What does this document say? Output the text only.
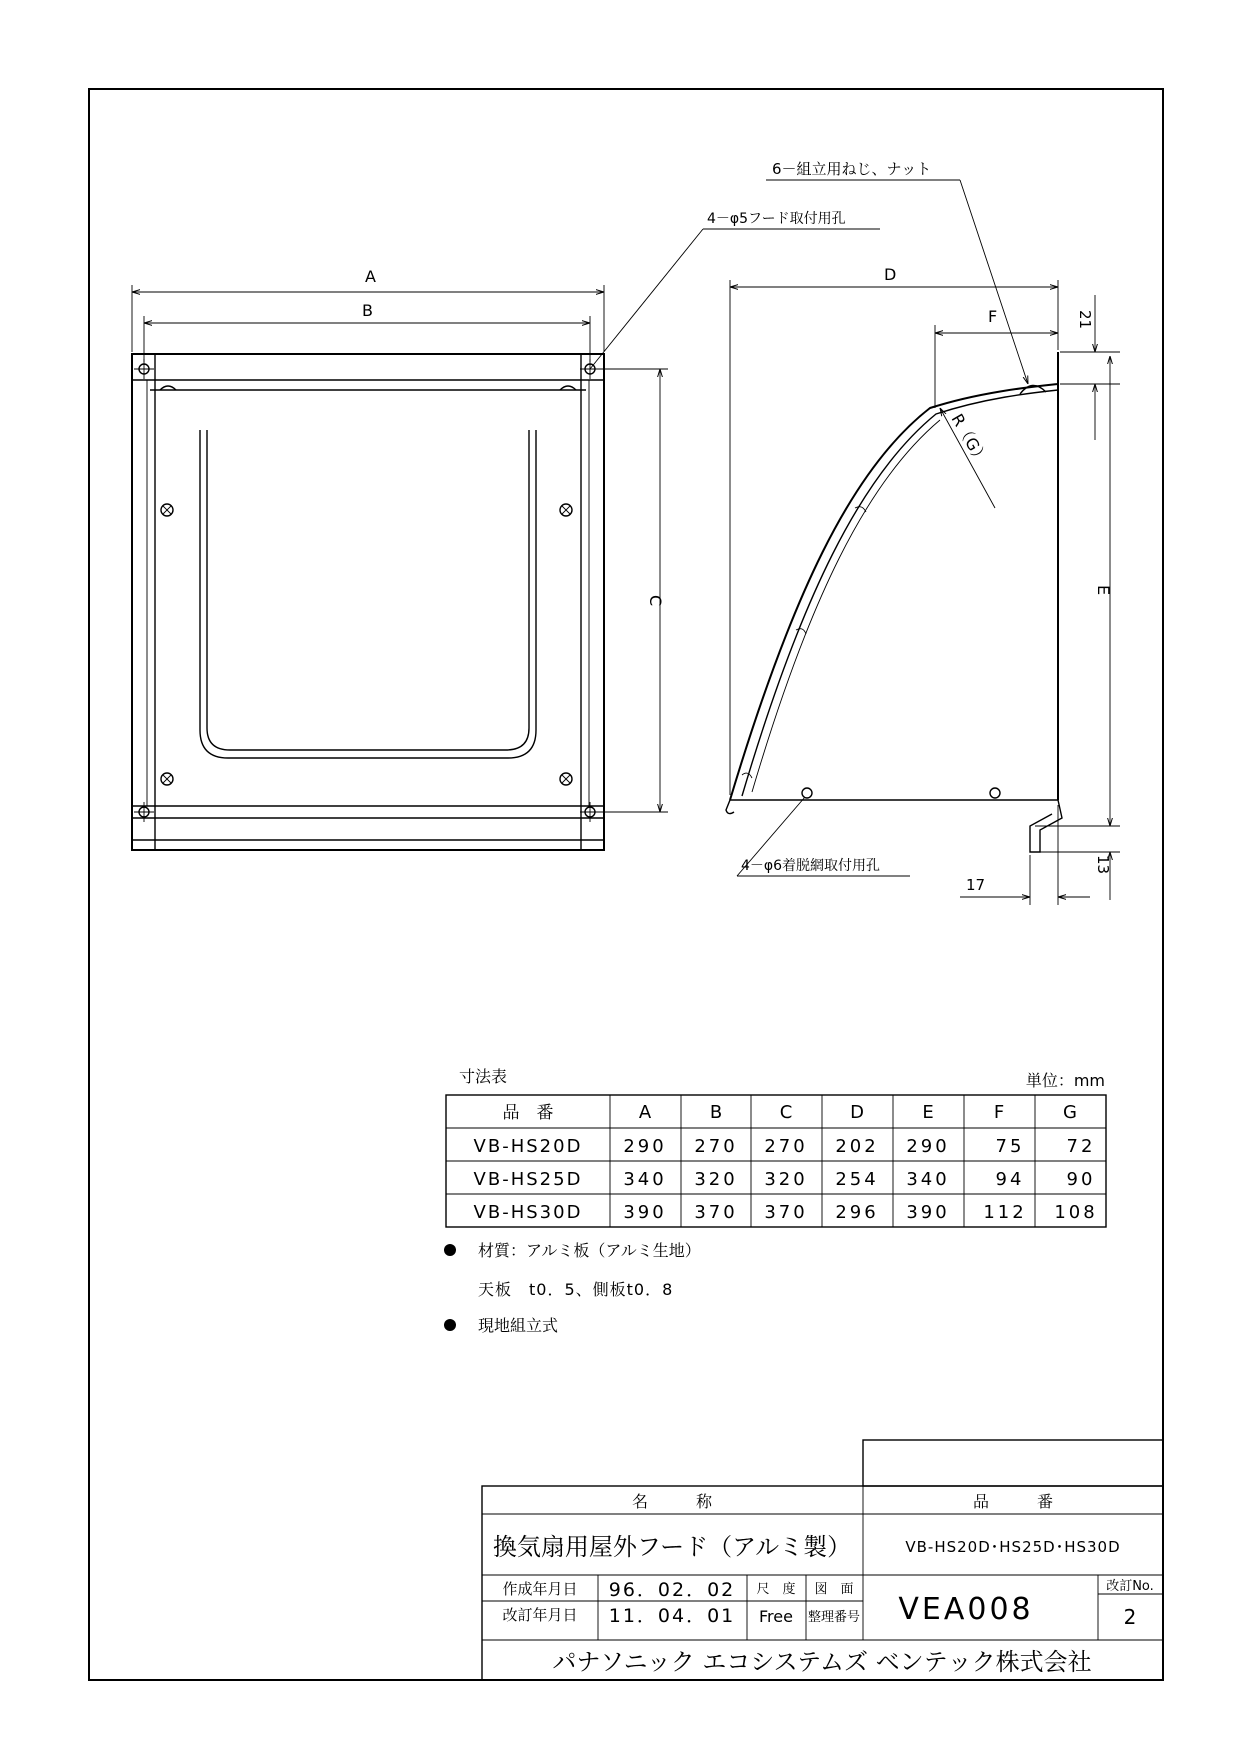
A
B
C
4－φ5フード取付用孔
D
F	21
E
13
17
R（G）
6－組立用ねじ、ナット
4－φ6着脱網取付用孔
寸法表	単位：mm
品　番	A	B	C	D	E	F	G
VB-HS20D 290 270 270 202 290	75 72
VB-HS25D 340 320 320 254 340	94 90
VB-HS30D 390 370 370 296 390 112 108
材質：アルミ板（アルミ生地）
天板　t0．5、側板t0．8
現地組立式
名　　　称	品　　　番
換気扇用屋外フード（アルミ製）	VB-HS20D･HS25D･HS30D
作成年月日 96．02．02
改訂年月日 11．04．01
尺　度
Free
図　面
整理番号 VEA008
改訂No.
2
パナソニック エコシステムズ ベンテック株式会社
